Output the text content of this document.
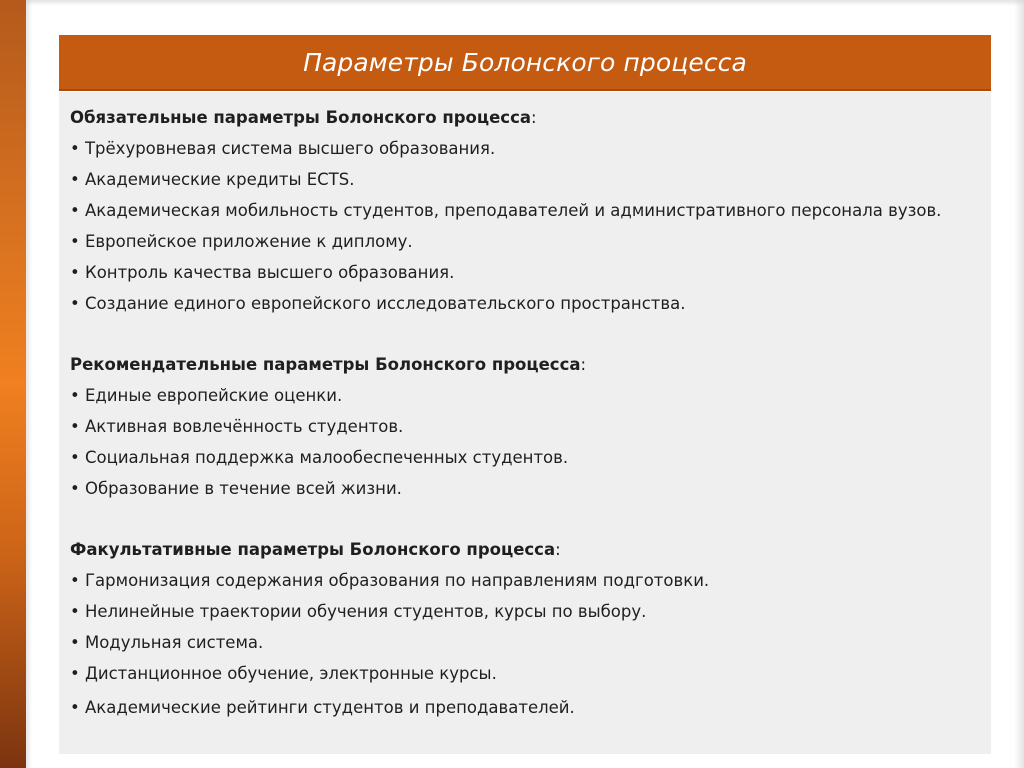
Параметры Болонского процесса
Обязательные параметры Болонского процесса:
• Трёхуровневая система высшего образования.
• Академические кредиты ECTS.
• Академическая мобильность студентов, преподавателей и административного персонала вузов.
• Европейское приложение к диплому.
• Контроль качества высшего образования.
• Создание единого европейского исследовательского пространства.
Рекомендательные параметры Болонского процесса:
• Единые европейские оценки.
• Активная вовлечённость студентов.
• Социальная поддержка малообеспеченных студентов.
• Образование в течение всей жизни.
Факультативные параметры Болонского процесса:
• Гармонизация содержания образования по направлениям подготовки.
• Нелинейные траектории обучения студентов, курсы по выбору.
• Модульная система.
• Дистанционное обучение, электронные курсы.
• Академические рейтинги студентов и преподавателей.
